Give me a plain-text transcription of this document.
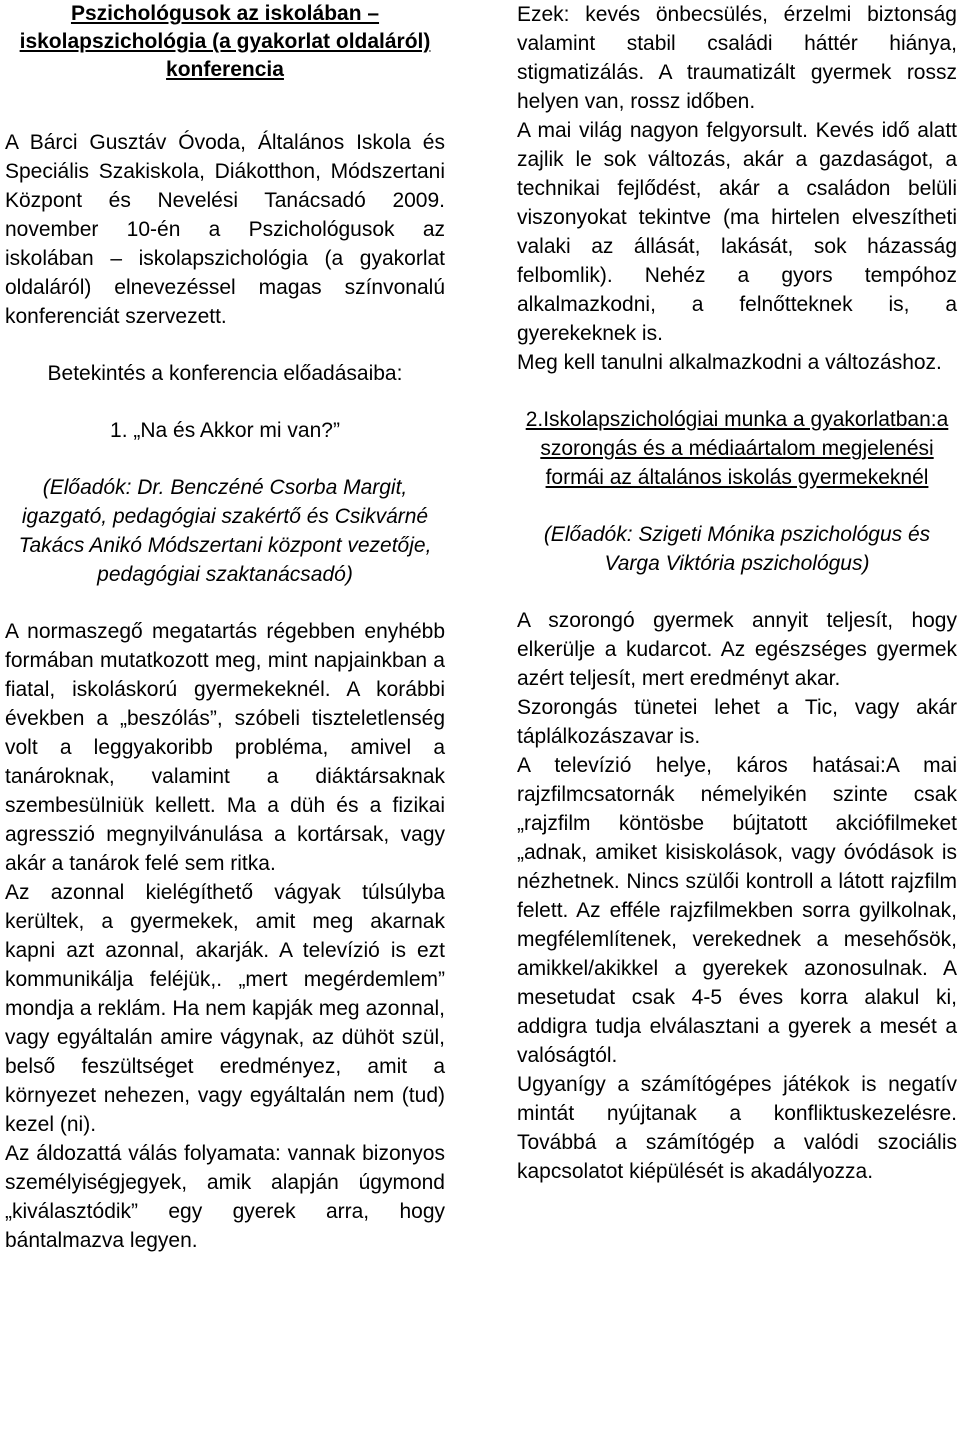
Pszichológusok az iskolában – iskolapszichológia (a gyakorlat oldaláról) konferencia

A Bárci Gusztáv Óvoda, Általános Iskola és Speciális Szakiskola, Diákotthon, Módszertani Központ és Nevelési Tanácsadó 2009. november 10-én a Pszichológusok az iskolában – iskolapszichológia (a gyakorlat oldaláról) elnevezéssel magas színvonalú konferenciát szervezett.

Betekintés a konferencia előadásaiba:

1. „Na és Akkor mi van?”

(Előadók: Dr. Benczéné Csorba Margit, igazgató, pedagógiai szakértő és Csikvárné Takács Anikó Módszertani központ vezetője, pedagógiai szaktanácsadó)

A normaszegő megatartás régebben enyhébb formában mutatkozott meg, mint napjainkban a fiatal, iskoláskorú gyermekeknél. A korábbi években a „beszólás”, szóbeli tiszteletlenség volt a leggyakoribb probléma, amivel a tanároknak, valamint a diáktársaknak szembesülniük kellett. Ma a düh és a fizikai agresszió megnyilvánulása a kortársak, vagy akár a tanárok felé sem ritka.

Az azonnal kielégíthető vágyak túlsúlyba kerültek, a gyermekek, amit meg akarnak kapni azt azonnal, akarják. A televízió is ezt kommunikálja feléjük,. „mert megérdemlem” mondja a reklám. Ha nem kapják meg azonnal, vagy egyáltalán amire vágynak, az dühöt szül, belső feszültséget eredményez, amit a környezet nehezen, vagy egyáltalán nem (tud) kezel (ni).

Az áldozattá válás folyamata: vannak bizonyos személyiségjegyek, amik alapján úgymond „kiválasztódik” egy gyerek arra, hogy bántalmazva legyen.

Ezek: kevés önbecsülés, érzelmi biztonság valamint stabil családi háttér hiánya, stigmatizálás. A traumatizált gyermek rossz helyen van, rossz időben.

A mai világ nagyon felgyorsult. Kevés idő alatt zajlik le sok változás, akár a gazdaságot, a technikai fejlődést, akár a családon belüli viszonyokat tekintve (ma hirtelen elveszítheti valaki az állását, lakását, sok házasság felbomlik). Nehéz a gyors tempóhoz alkalmazkodni, a felnőtteknek is, a gyerekeknek is.

Meg kell tanulni alkalmazkodni a változáshoz.

2.Iskolapszichológiai munka a gyakorlatban:a szorongás és a médiaártalom megjelenési formái az általános iskolás gyermekeknél

(Előadók: Szigeti Mónika pszichológus és Varga Viktória pszichológus)

A szorongó gyermek annyit teljesít, hogy elkerülje a kudarcot. Az egészséges gyermek azért teljesít, mert eredményt akar.

Szorongás tünetei lehet a Tic, vagy akár táplálkozászavar is.

A televízió helye, káros hatásai:A mai rajzfilmcsatornák némelyikén szinte csak „rajzfilm köntösbe bújtatott akciófilmeket „adnak, amiket kisiskolások, vagy óvódások is nézhetnek. Nincs szülői kontroll a látott rajzfilm felett. Az efféle rajzfilmekben sorra gyilkolnak, megfélemlítenek, verekednek a mesehősök, amikkel/akikkel a gyerekek azonosulnak. A mesetudat csak 4-5 éves korra alakul ki, addigra tudja elválasztani a gyerek a mesét a valóságtól.

Ugyanígy a számítógépes játékok is negatív mintát nyújtanak a konfliktuskezelésre. Továbbá a számítógép a valódi szociális kapcsolatot kiépülését is akadályozza.
